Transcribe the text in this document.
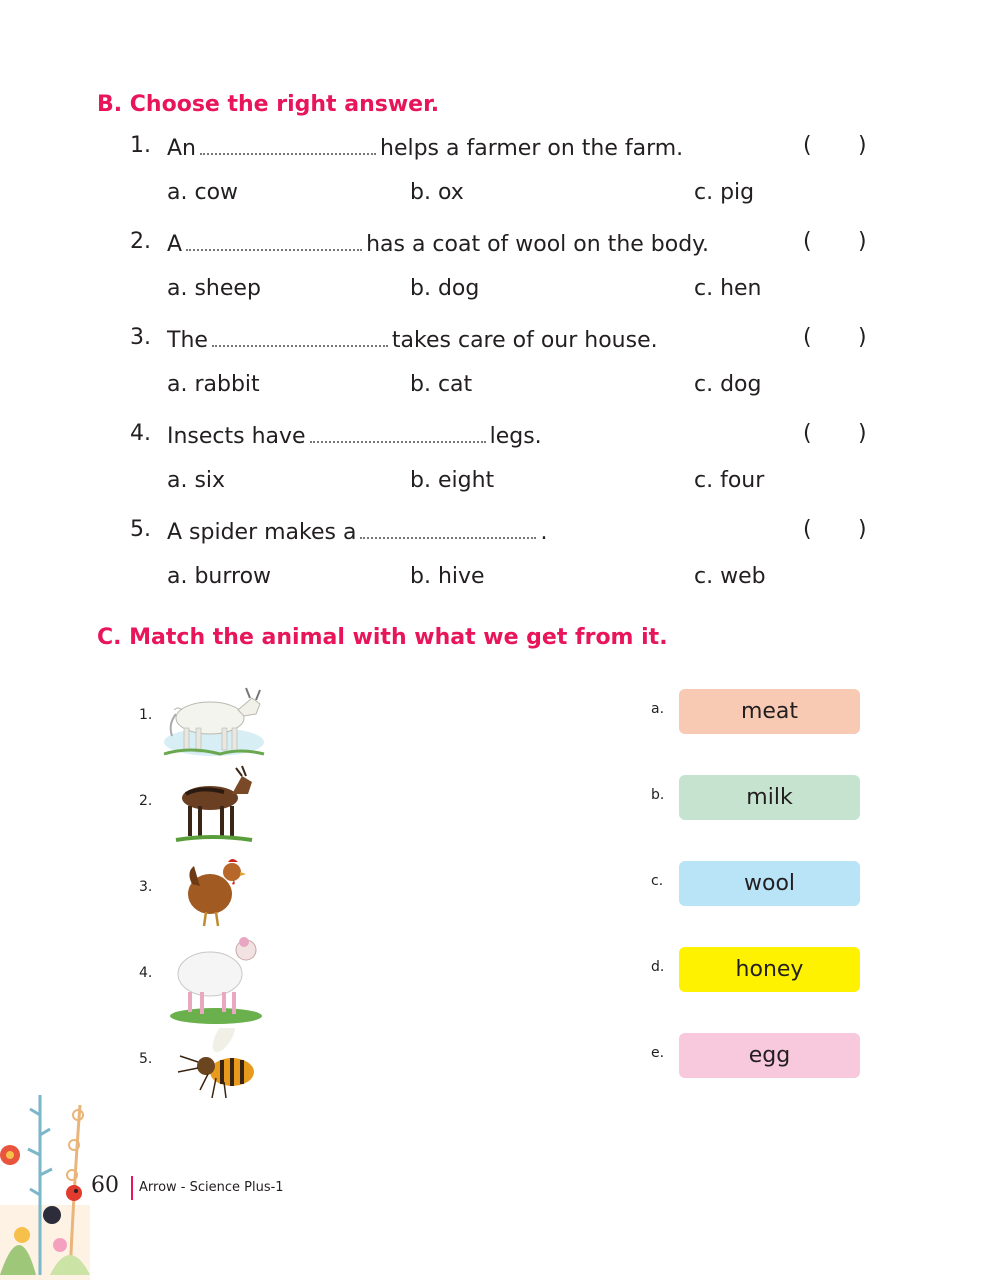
B. Choose the right answer.
1. An	helps a farmer on the farm.	( )
a. cow	b. ox	c. pig
2. A	has a coat of wool on the body.	( )
a. sheep	b. dog	c. hen
3. The	takes care of our house.	( )
a. rabbit	b. cat	c. dog
4. Insects have	legs.	( )
a. six	b. eight	c. four
5. A spider makes a	.	( )
a. burrow	b. hive	c. web
C. Match the animal with what we get from it.
1.
2.
3.
4.
5.
a.	meat
b.	milk
c.	wool
d.	honey
e.	egg
60 Arrow - Science Plus-1
